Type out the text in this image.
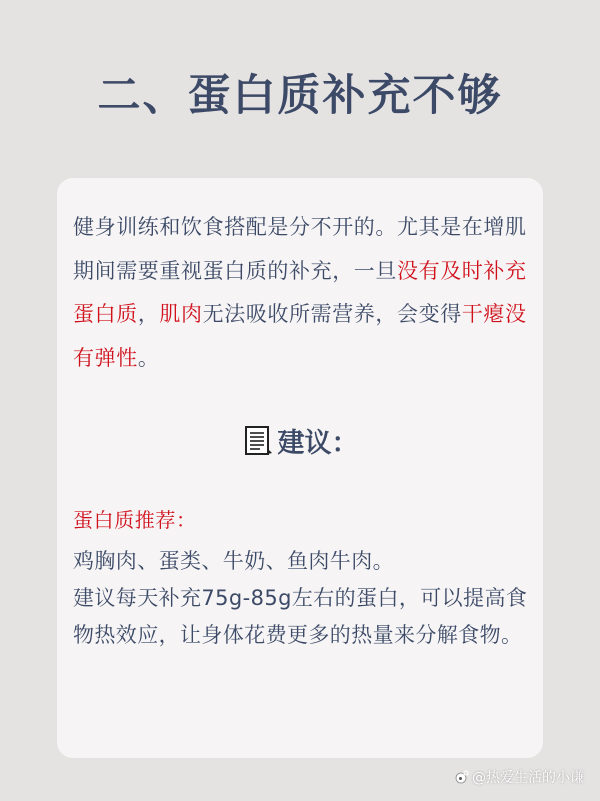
二、蛋白质补充不够
健身训练和饮食搭配是分不开的。尤其是在增肌期间需要重视蛋白质的补充，一旦没有及时补充蛋白质，肌肉无法吸收所需营养，会变得干瘪没有弹性。
建议：
蛋白质推荐：
鸡胸肉、蛋类、牛奶、鱼肉牛肉。
建议每天补充75g-85g左右的蛋白，可以提高食物热效应，让身体花费更多的热量来分解食物。
@热爱生活的小谦
